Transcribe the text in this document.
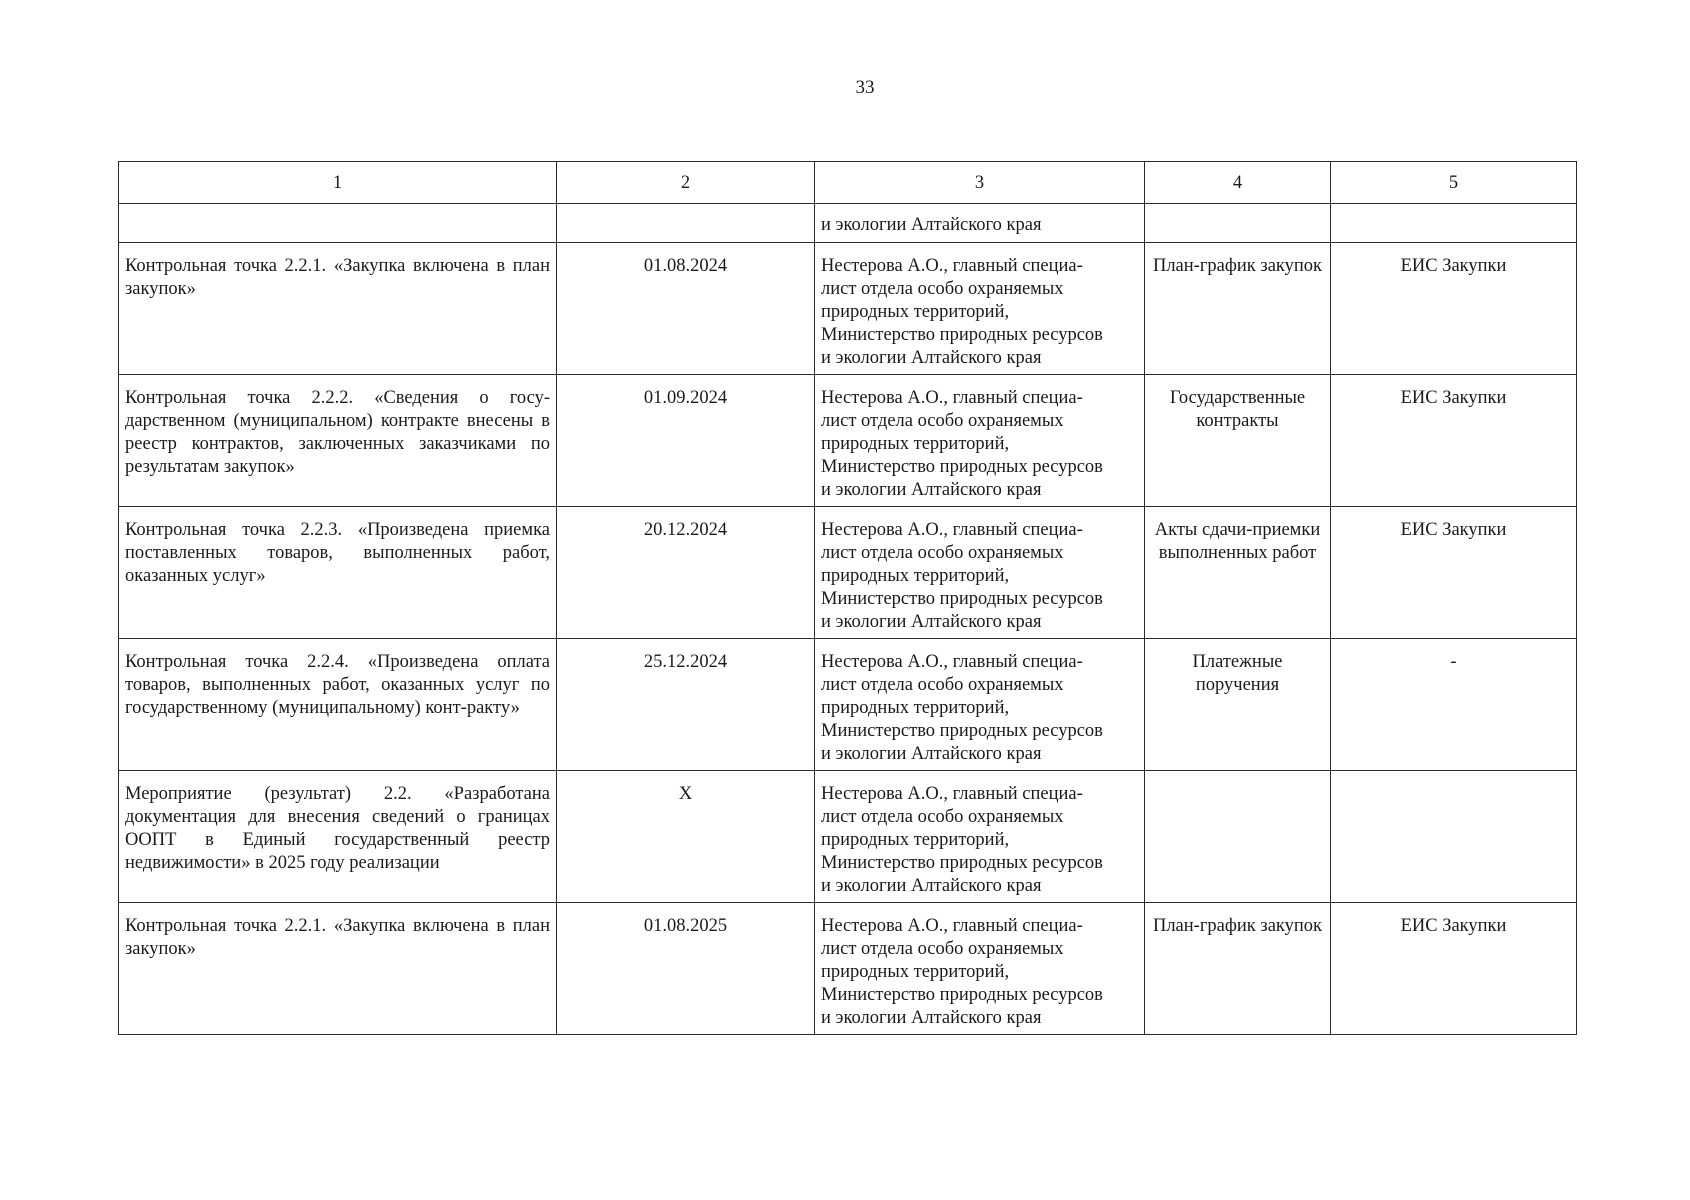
33
1	2	3	4	5
		и экологии Алтайского края		
Контрольная точка 2.2.1. «Закупка включена в план закупок»	01.08.2024	Нестерова А.О., главный специа-
лист отдела особо охраняемых
природных территорий,
Министерство природных ресурсов
и экологии Алтайского края	План-график закупок	ЕИС Закупки
Контрольная точка 2.2.2. «Сведения о госу-дарственном (муниципальном) контракте внесены в реестр контрактов, заключенных заказчиками по результатам закупок»	01.09.2024	Нестерова А.О., главный специа-
лист отдела особо охраняемых
природных территорий,
Министерство природных ресурсов
и экологии Алтайского края	Государственные контракты	ЕИС Закупки
Контрольная точка 2.2.3. «Произведена приемка поставленных товаров, выполненных работ, оказанных услуг»	20.12.2024	Нестерова А.О., главный специа-
лист отдела особо охраняемых
природных территорий,
Министерство природных ресурсов
и экологии Алтайского края	Акты сдачи-приемки выполненных работ	ЕИС Закупки
Контрольная точка 2.2.4. «Произведена оплата товаров, выполненных работ, оказанных услуг по государственному (муниципальному) конт-ракту»	25.12.2024	Нестерова А.О., главный специа-
лист отдела особо охраняемых
природных территорий,
Министерство природных ресурсов
и экологии Алтайского края	Платежные поручения	-
Мероприятие (результат) 2.2. «Разработана документация для внесения сведений о границах ООПТ в Единый государственный реестр недвижимости» в 2025 году реализации	Х	Нестерова А.О., главный специа-
лист отдела особо охраняемых
природных территорий,
Министерство природных ресурсов
и экологии Алтайского края		

Контрольная точка 2.2.1. «Закупка включена в план закупок»	01.08.2025	Нестерова А.О., главный специа-
лист отдела особо охраняемых
природных территорий,
Министерство природных ресурсов
и экологии Алтайского края	План-график закупок	ЕИС Закупки
